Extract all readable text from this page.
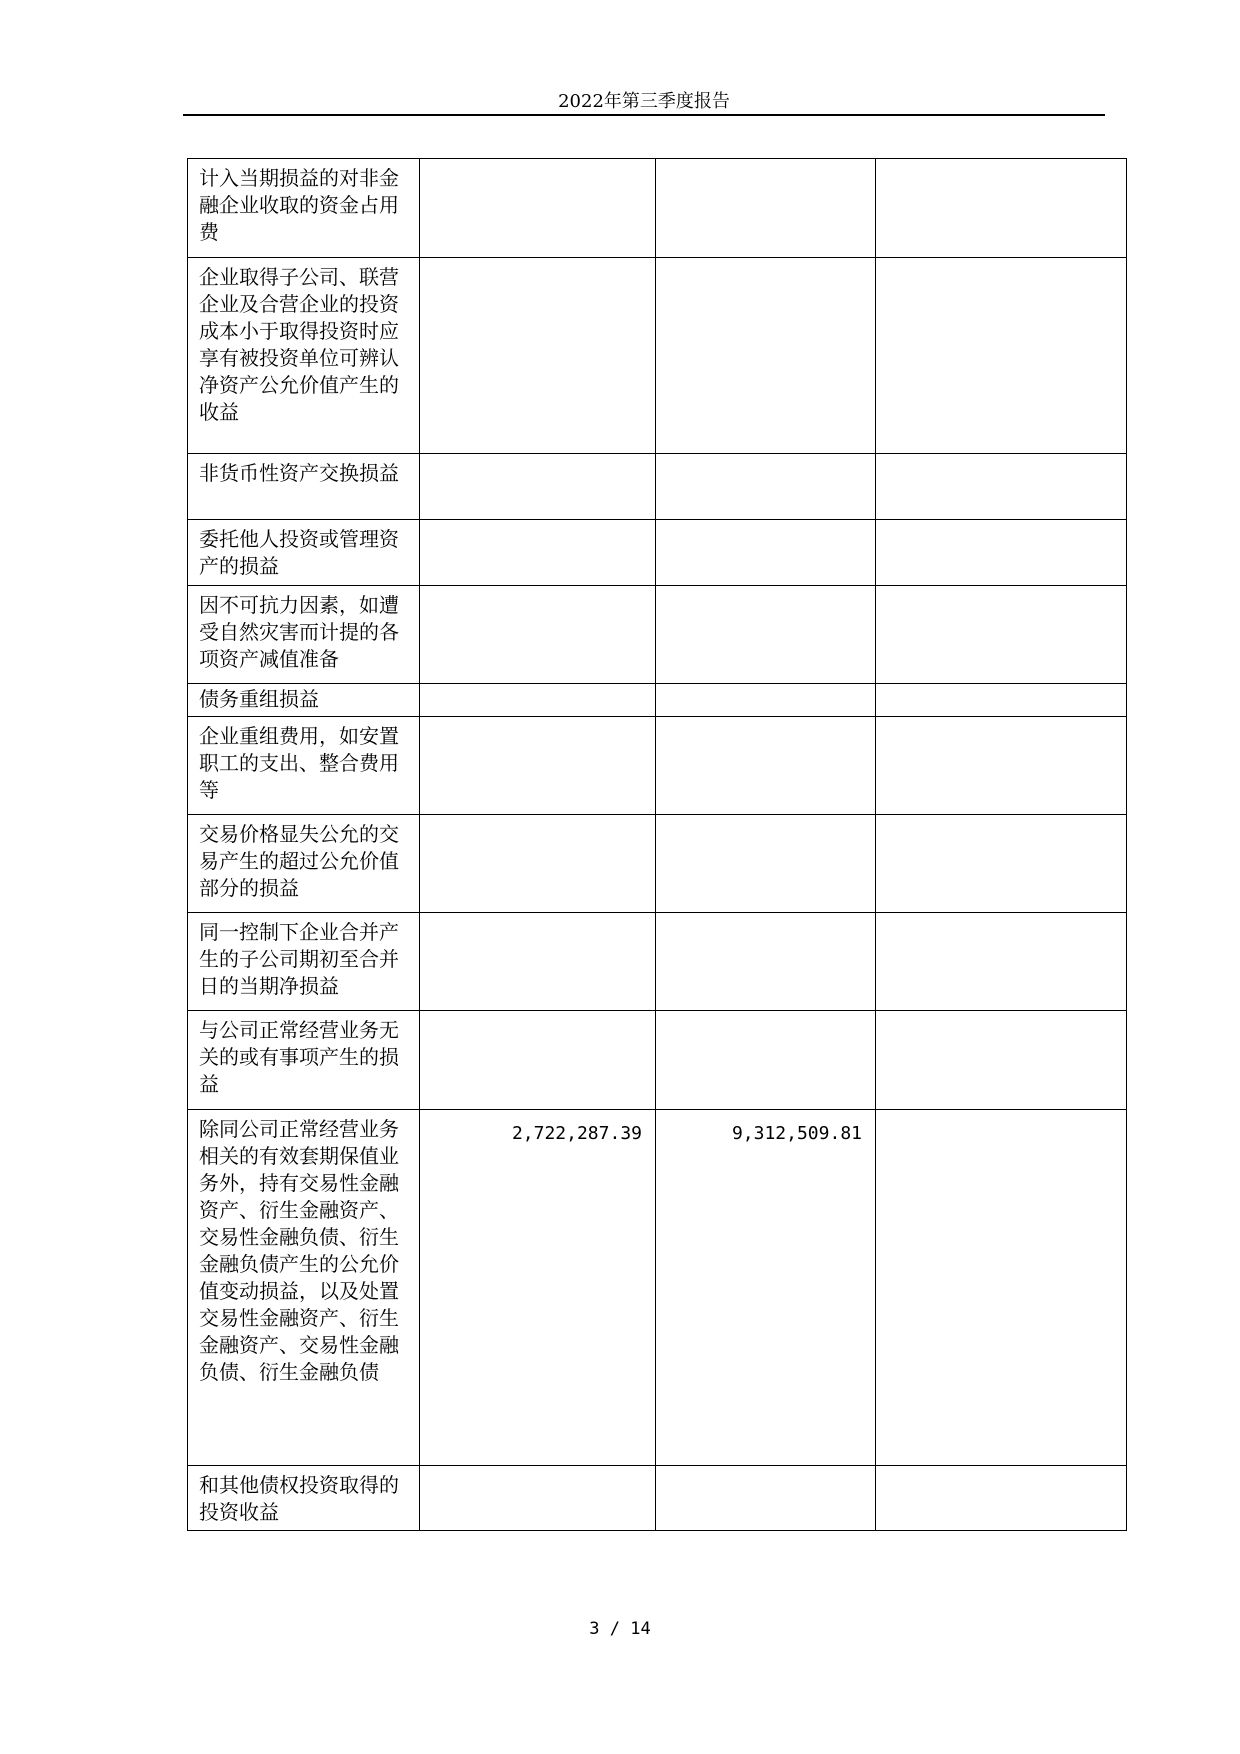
2022年第三季度报告
计入当期损益的对非金融企业收取的资金占用费			
企业取得子公司、联营企业及合营企业的投资成本小于取得投资时应享有被投资单位可辨认净资产公允价值产生的收益			
非货币性资产交换损益			
委托他人投资或管理资产的损益			
因不可抗力因素，如遭受自然灾害而计提的各项资产减值准备			
债务重组损益			
企业重组费用，如安置职工的支出、整合费用等			
交易价格显失公允的交易产生的超过公允价值部分的损益			
同一控制下企业合并产生的子公司期初至合并日的当期净损益			
与公司正常经营业务无关的或有事项产生的损益			
除同公司正常经营业务相关的有效套期保值业务外，持有交易性金融资产、衍生金融资产、交易性金融负债、衍生金融负债产生的公允价值变动损益，以及处置交易性金融资产、衍生金融资产、交易性金融负债、衍生金融负债	2,722,287.39	9,312,509.81	
和其他债权投资取得的投资收益			
3 / 14
